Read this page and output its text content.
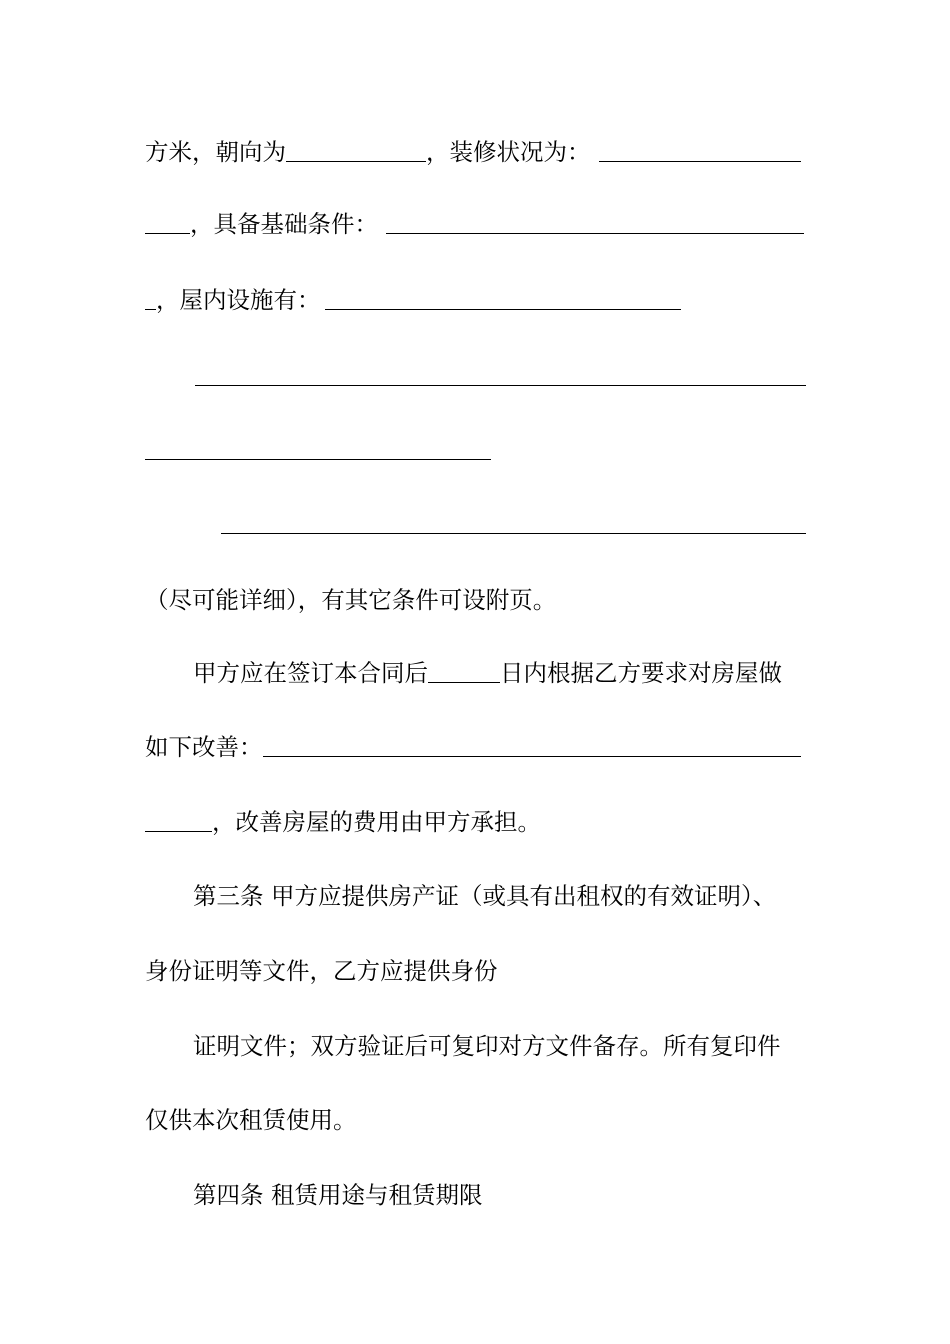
方米，朝向为	，装修状况为：
，具备基础条件：
，屋内设施有：
（尽可能详细），有其它条件可设附页。
甲方应在签订本合同后	日内根据乙方要求对房屋做
如下改善：
，改善房屋的费用由甲方承担。
第三条 甲方应提供房产证（或具有出租权的有效证明）、
身份证明等文件，乙方应提供身份
证明文件；双方验证后可复印对方文件备存。所有复印件
仅供本次租赁使用。
第四条 租赁用途与租赁期限
